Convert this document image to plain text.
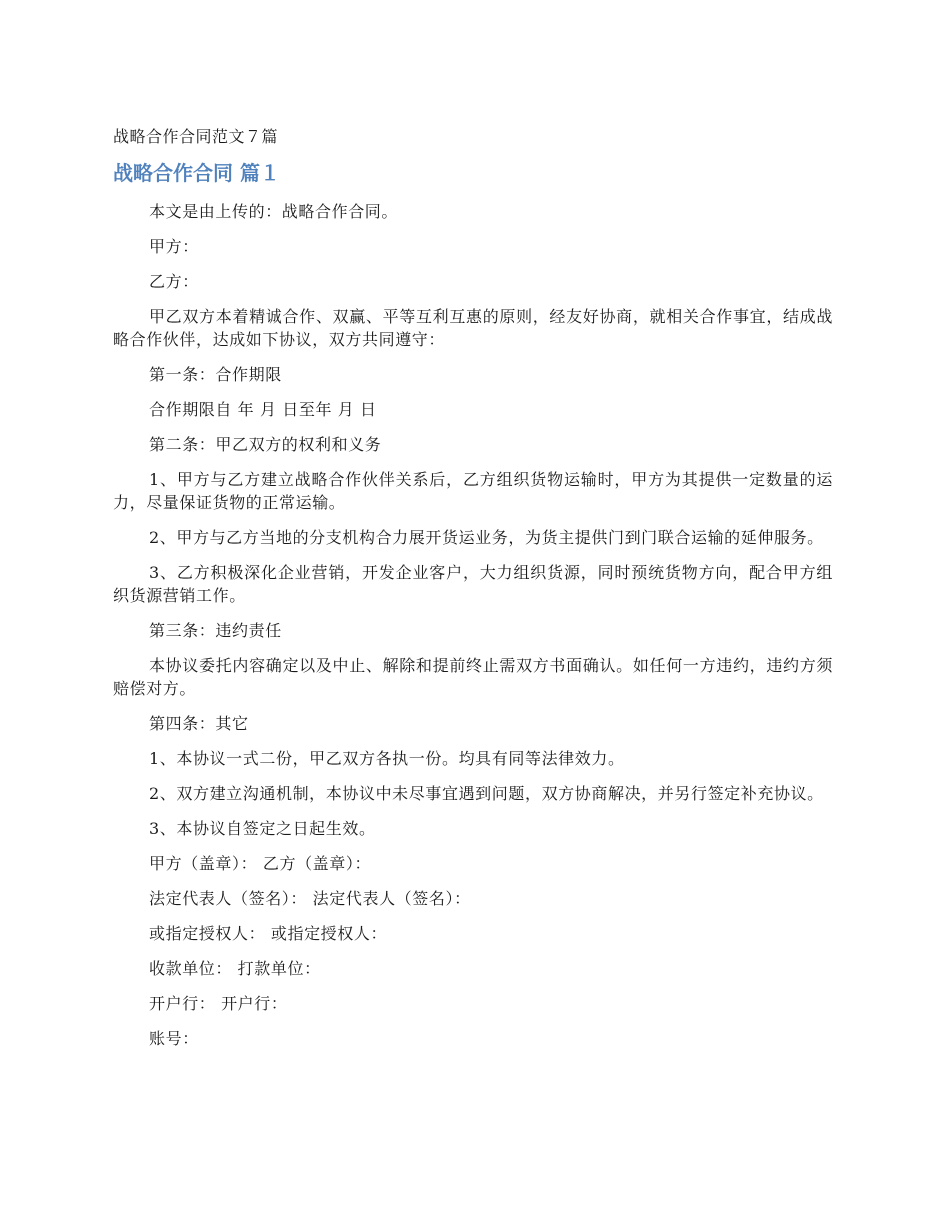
战略合作合同范文７篇
战略合作合同 篇１

本文是由上传的：战略合作合同。

甲方：

乙方：

甲乙双方本着精诚合作、双赢、平等互利互惠的原则，经友好协商，就相关合作事宜，结成战略合作伙伴，达成如下协议，双方共同遵守：

第一条：合作期限

合作期限自 年 月 日至年 月 日

第二条：甲乙双方的权利和义务

1、甲方与乙方建立战略合作伙伴关系后，乙方组织货物运输时，甲方为其提供一定数量的运力，尽量保证货物的正常运输。

2、甲方与乙方当地的分支机构合力展开货运业务，为货主提供门到门联合运输的延伸服务。

3、乙方积极深化企业营销，开发企业客户，大力组织货源，同时预统货物方向，配合甲方组织货源营销工作。

第三条：违约责任

本协议委托内容确定以及中止、解除和提前终止需双方书面确认。如任何一方违约，违约方须赔偿对方。

第四条：其它

1、本协议一式二份，甲乙双方各执一份。均具有同等法律效力。

2、双方建立沟通机制，本协议中未尽事宜遇到问题，双方协商解决，并另行签定补充协议。

3、本协议自签定之日起生效。

甲方（盖章）： 乙方（盖章）：

法定代表人（签名）： 法定代表人（签名）：

或指定授权人： 或指定授权人：

收款单位： 打款单位：

开户行： 开户行：

账号：
